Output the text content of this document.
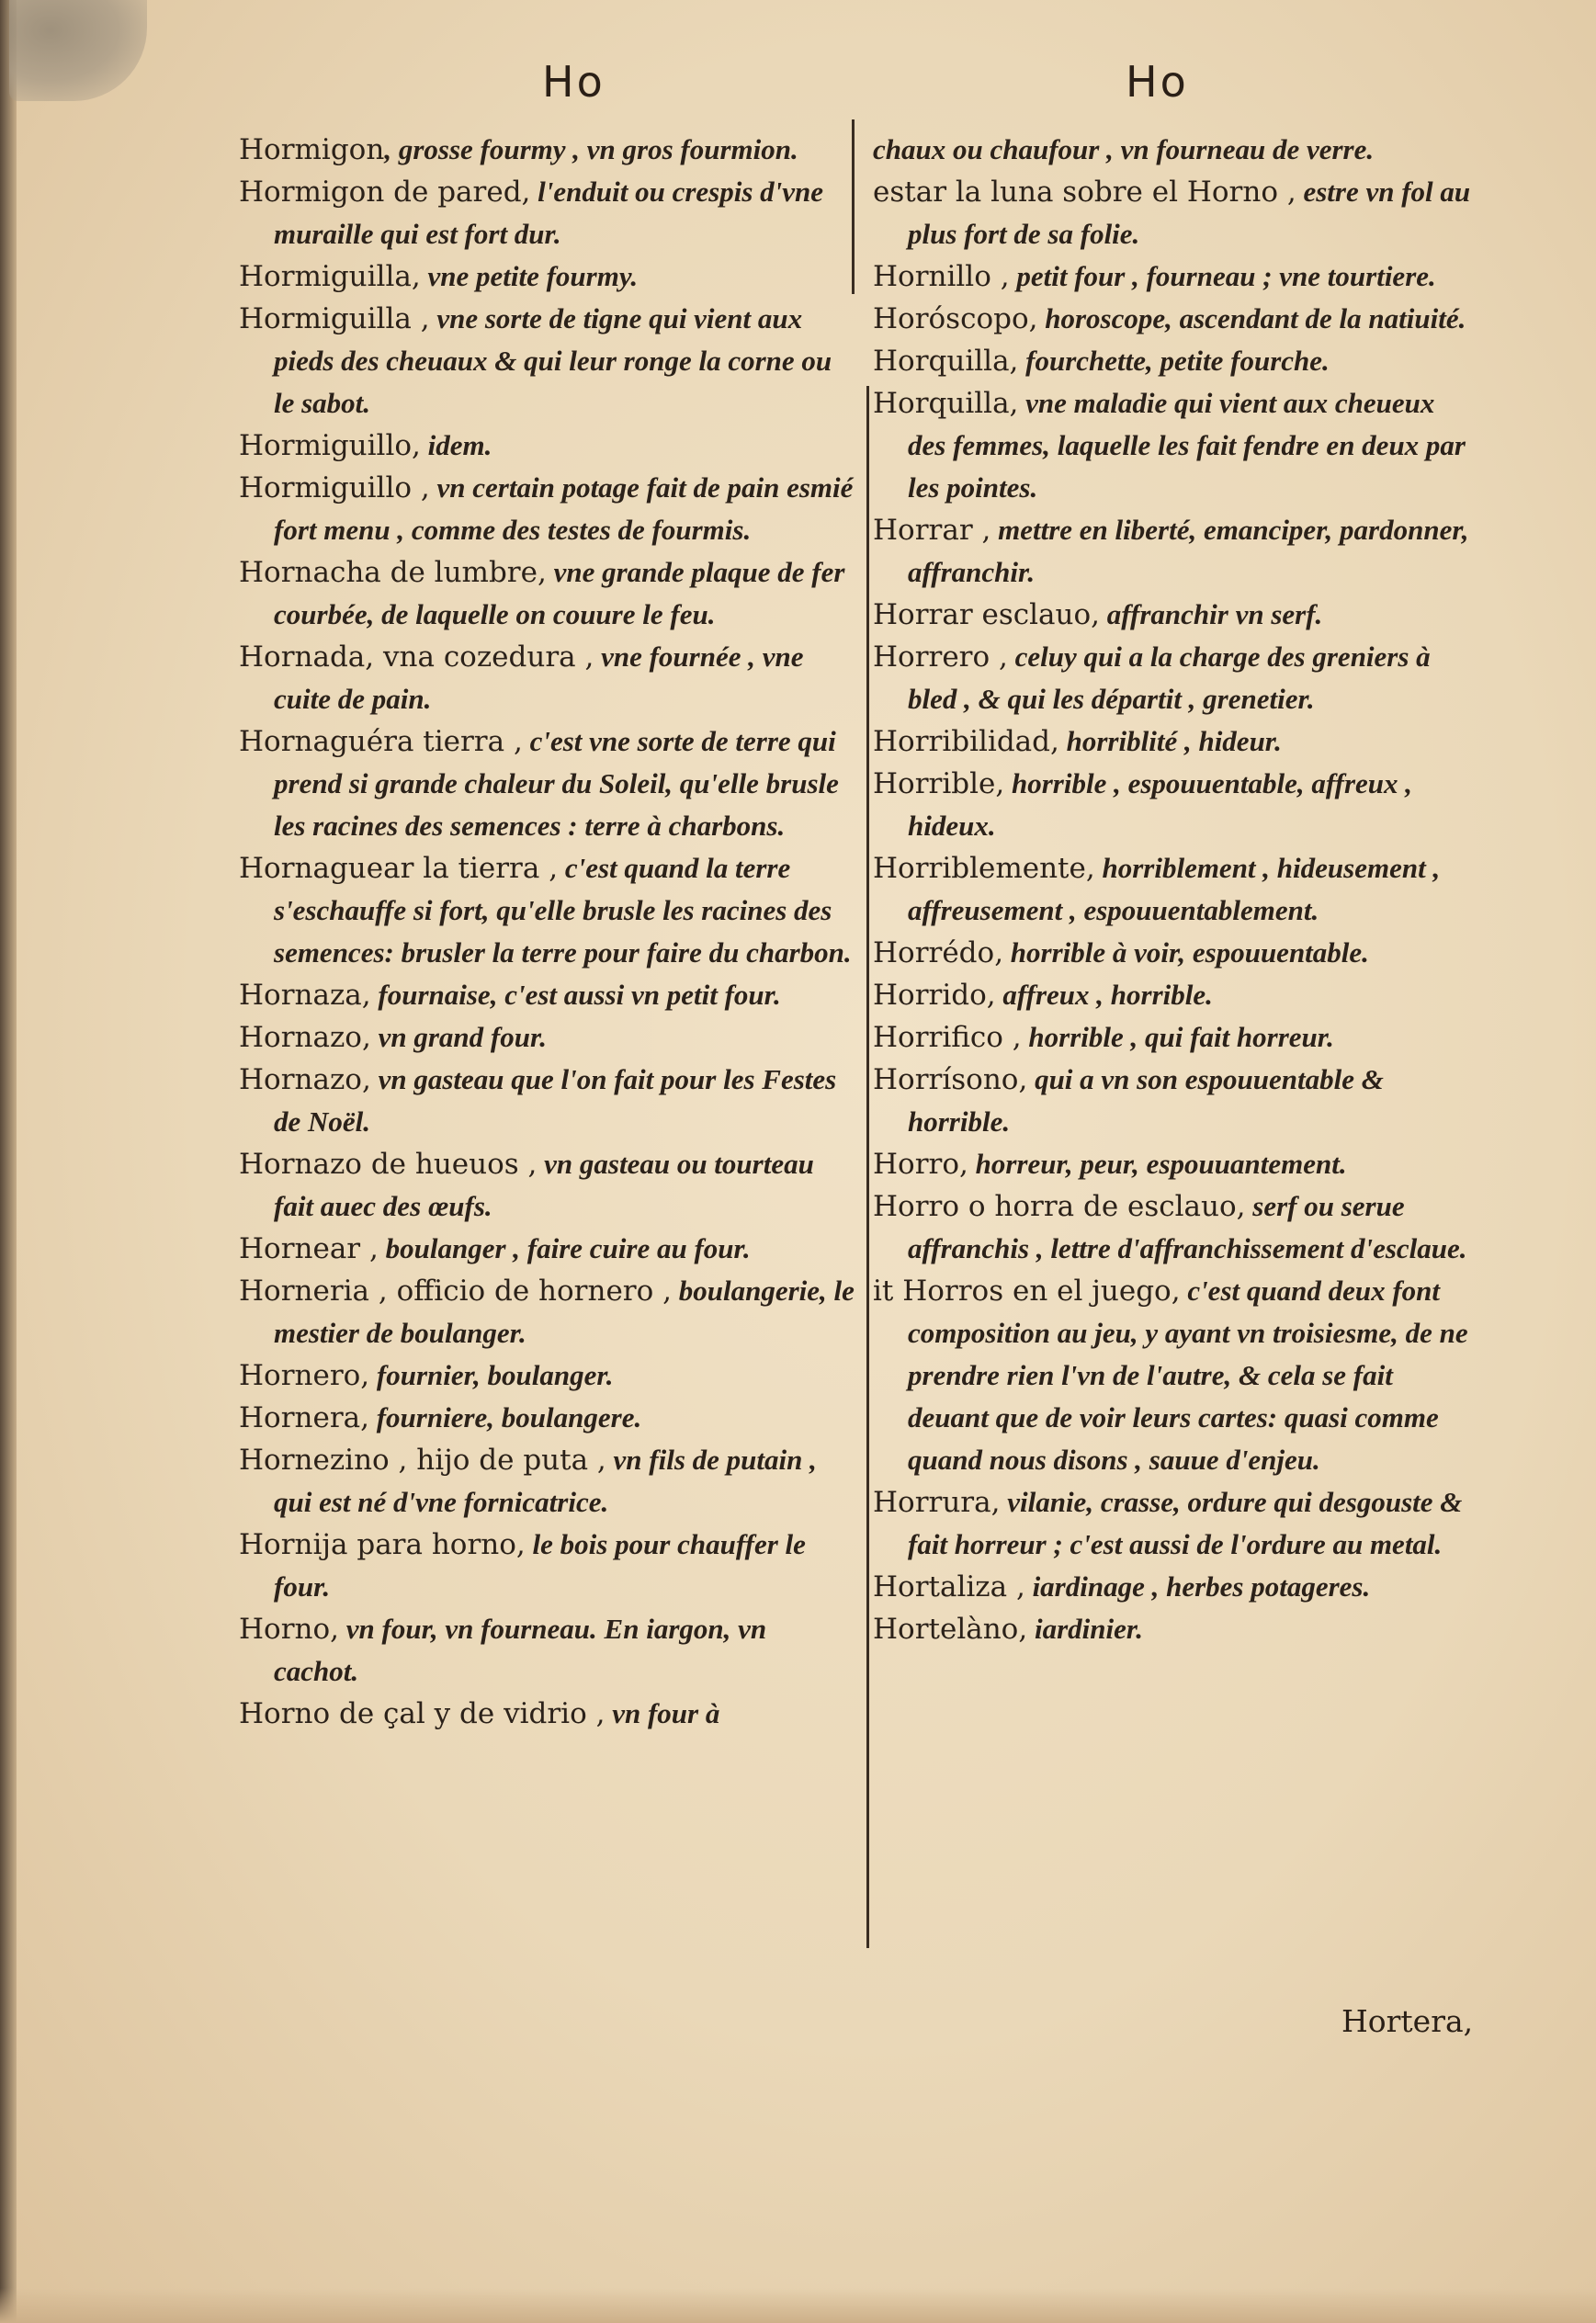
Ho	Ho

Hormigon, grosse fourmy , vn gros fourmion.

Hormigon de pared, l'enduit ou crespis d'vne muraille qui est fort dur.

Hormiguilla, vne petite fourmy.

Hormiguilla , vne sorte de tigne qui vient aux pieds des cheuaux & qui leur ronge la corne ou le sabot.

Hormiguillo, idem.

Hormiguillo , vn certain potage fait de pain esmié fort menu , comme des testes de fourmis.

Hornacha de lumbre, vne grande plaque de fer courbée, de laquelle on couure le feu.

Hornada, vna cozedura , vne fournée , vne cuite de pain.

Hornaguéra tierra , c'est vne sorte de terre qui prend si grande chaleur du Soleil, qu'elle brusle les racines des semences : terre à charbons.

Hornaguear la tierra , c'est quand la terre s'eschauffe si fort, qu'elle brusle les racines des semences: brusler la terre pour faire du charbon.

Hornaza, fournaise, c'est aussi vn petit four.

Hornazo, vn grand four.

Hornazo, vn gasteau que l'on fait pour les Festes de Noël.

Hornazo de hueuos , vn gasteau ou tourteau fait auec des œufs.

Hornear , boulanger , faire cuire au four.

Horneria , officio de hornero , boulangerie, le mestier de boulanger.

Hornero, fournier, boulanger.

Hornera, fourniere, boulangere.

Hornezino , hijo de puta , vn fils de putain , qui est né d'vne fornicatrice.

Hornija para horno, le bois pour chauffer le four.

Horno, vn four, vn fourneau. En iargon, vn cachot.

Horno de çal y de vidrio , vn four à

chaux ou chaufour , vn fourneau de verre.

estar la luna sobre el Horno , estre vn fol au plus fort de sa folie.

Hornillo , petit four , fourneau ; vne tourtiere.

Horóscopo, horoscope, ascendant de la natiuité.

Horquilla, fourchette, petite fourche.

Horquilla, vne maladie qui vient aux cheueux des femmes, laquelle les fait fendre en deux par les pointes.

Horrar , mettre en liberté, emanciper, pardonner, affranchir.

Horrar esclauo, affranchir vn serf.

Horrero , celuy qui a la charge des greniers à bled , & qui les départit , grenetier.

Horribilidad, horriblité , hideur.

Horrible, horrible , espouuentable, affreux , hideux.

Horriblemente, horriblement , hideusement , affreusement , espouuentablement.

Horrédo, horrible à voir, espouuentable.

Horrido, affreux , horrible.

Horrifico , horrible , qui fait horreur.

Horrísono, qui a vn son espouuentable & horrible.

Horro, horreur, peur, espouuantement.

Horro o horra de esclauo, serf ou serue affranchis , lettre d'affranchissement d'esclaue.

it Horros en el juego, c'est quand deux font composition au jeu, y ayant vn troisiesme, de ne prendre rien l'vn de l'autre, & cela se fait deuant que de voir leurs cartes: quasi comme quand nous disons , sauue d'enjeu.

Horrura, vilanie, crasse, ordure qui desgouste & fait horreur ; c'est aussi de l'ordure au metal.

Hortaliza , iardinage , herbes potageres.

Hortelàno, iardinier.

Hortera,
